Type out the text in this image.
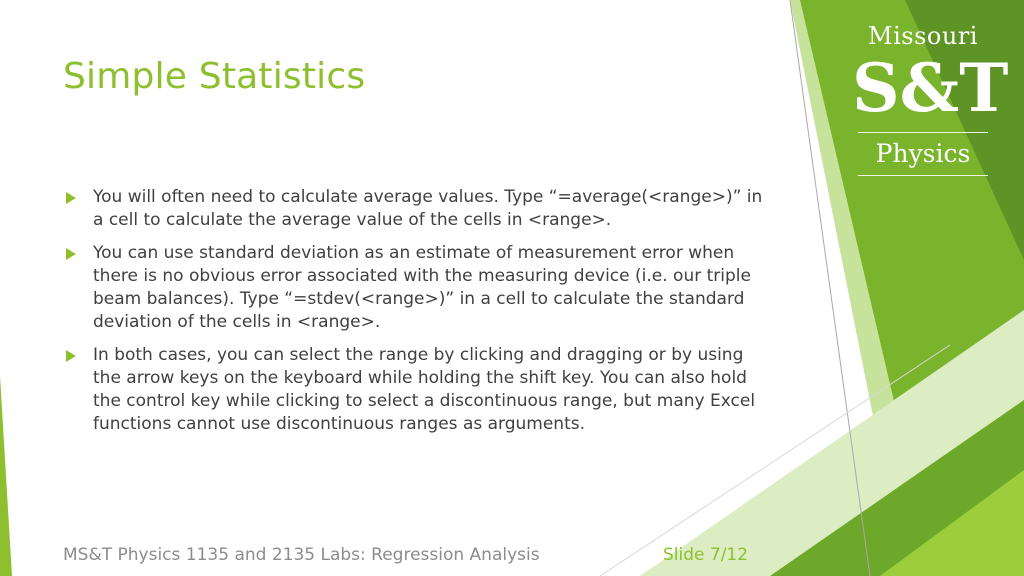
Simple Statistics
You will often need to calculate average values. Type “=average(<range>)” in a cell to calculate the average value of the cells in <range>.
You can use standard deviation as an estimate of measurement error when there is no obvious error associated with the measuring device (i.e. our triple beam balances). Type “=stdev(<range>)” in a cell to calculate the standard deviation of the cells in <range>.
In both cases, you can select the range by clicking and dragging or by using the arrow keys on the keyboard while holding the shift key. You can also hold the control key while clicking to select a discontinuous range, but many Excel functions cannot use discontinuous ranges as arguments.
Missouri
S&T
Physics
MS&T Physics 1135 and 2135 Labs: Regression Analysis	Slide 7/12
